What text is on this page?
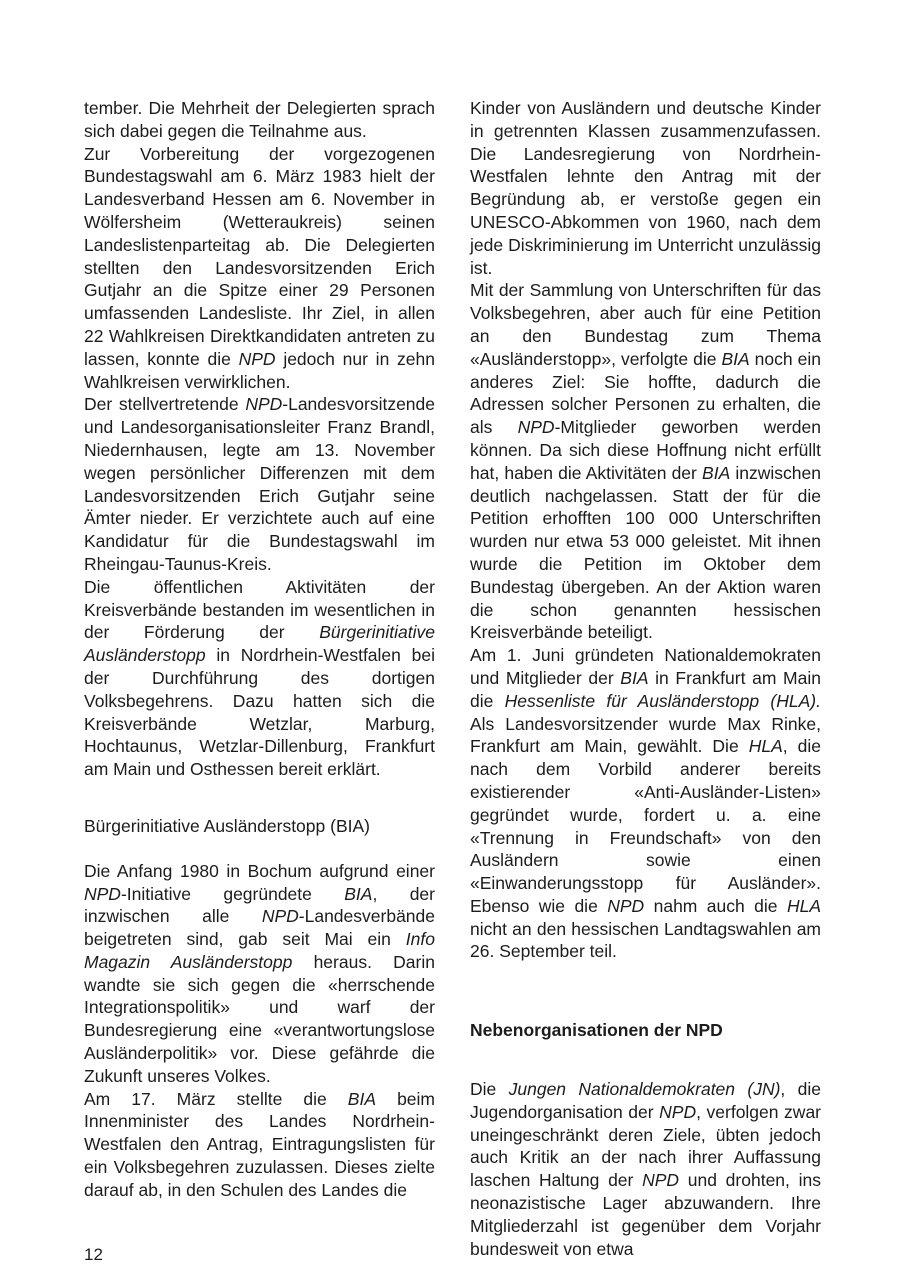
tember. Die Mehrheit der Delegierten sprach sich dabei gegen die Teilnahme aus.

Zur Vorbereitung der vorgezogenen Bundestagswahl am 6. März 1983 hielt der Landesverband Hessen am 6. November in Wölfersheim (Wetteraukreis) seinen Landeslistenparteitag ab. Die Delegierten stellten den Landesvorsitzenden Erich Gutjahr an die Spitze einer 29 Personen umfassenden Landesliste. Ihr Ziel, in allen 22 Wahlkreisen Direktkandidaten antreten zu lassen, konnte die NPD jedoch nur in zehn Wahlkreisen verwirklichen.

Der stellvertretende NPD-Landesvorsitzende und Landesorganisationsleiter Franz Brandl, Niedernhausen, legte am 13. November wegen persönlicher Differenzen mit dem Landesvorsitzenden Erich Gutjahr seine Ämter nieder. Er verzichtete auch auf eine Kandidatur für die Bundestagswahl im Rheingau-Taunus-Kreis.

Die öffentlichen Aktivitäten der Kreisverbände bestanden im wesentlichen in der Förderung der Bürgerinitiative Ausländerstopp in Nordrhein-Westfalen bei der Durchführung des dortigen Volksbegehrens. Dazu hatten sich die Kreisverbände Wetzlar, Marburg, Hochtaunus, Wetzlar-Dillenburg, Frankfurt am Main und Osthessen bereit erklärt.

Bürgerinitiative Ausländerstopp (BIA)

Die Anfang 1980 in Bochum aufgrund einer NPD-Initiative gegründete BIA, der inzwischen alle NPD-Landesverbände beigetreten sind, gab seit Mai ein Info Magazin Ausländerstopp heraus. Darin wandte sie sich gegen die «herrschende Integrationspolitik» und warf der Bundesregierung eine «verantwortungslose Ausländerpolitik» vor. Diese gefährde die Zukunft unseres Volkes.

Am 17. März stellte die BIA beim Innenminister des Landes Nordrhein-Westfalen den Antrag, Eintragungslisten für ein Volksbegehren zuzulassen. Dieses zielte darauf ab, in den Schulen des Landes die

Kinder von Ausländern und deutsche Kinder in getrennten Klassen zusammenzufassen. Die Landesregierung von Nordrhein-Westfalen lehnte den Antrag mit der Begründung ab, er verstoße gegen ein UNESCO-Abkommen von 1960, nach dem jede Diskriminierung im Unterricht unzulässig ist.

Mit der Sammlung von Unterschriften für das Volksbegehren, aber auch für eine Petition an den Bundestag zum Thema «Ausländerstopp», verfolgte die BIA noch ein anderes Ziel: Sie hoffte, dadurch die Adressen solcher Personen zu erhalten, die als NPD-Mitglieder geworben werden können. Da sich diese Hoffnung nicht erfüllt hat, haben die Aktivitäten der BIA inzwischen deutlich nachgelassen. Statt der für die Petition erhofften 100 000 Unterschriften wurden nur etwa 53 000 geleistet. Mit ihnen wurde die Petition im Oktober dem Bundestag übergeben. An der Aktion waren die schon genannten hessischen Kreisverbände beteiligt.

Am 1. Juni gründeten Nationaldemokraten und Mitglieder der BIA in Frankfurt am Main die Hessenliste für Ausländerstopp (HLA). Als Landesvorsitzender wurde Max Rinke, Frankfurt am Main, gewählt. Die HLA, die nach dem Vorbild anderer bereits existierender «Anti-Ausländer-Listen» gegründet wurde, fordert u. a. eine «Trennung in Freundschaft» von den Ausländern sowie einen «Einwanderungsstopp für Ausländer». Ebenso wie die NPD nahm auch die HLA nicht an den hessischen Landtagswahlen am 26. September teil.

Nebenorganisationen der NPD

Die Jungen Nationaldemokraten (JN), die Jugendorganisation der NPD, verfolgen zwar uneingeschränkt deren Ziele, übten jedoch auch Kritik an der nach ihrer Auffassung laschen Haltung der NPD und drohten, ins neonazistische Lager abzuwandern. Ihre Mitgliederzahl ist gegenüber dem Vorjahr bundesweit von etwa

12
